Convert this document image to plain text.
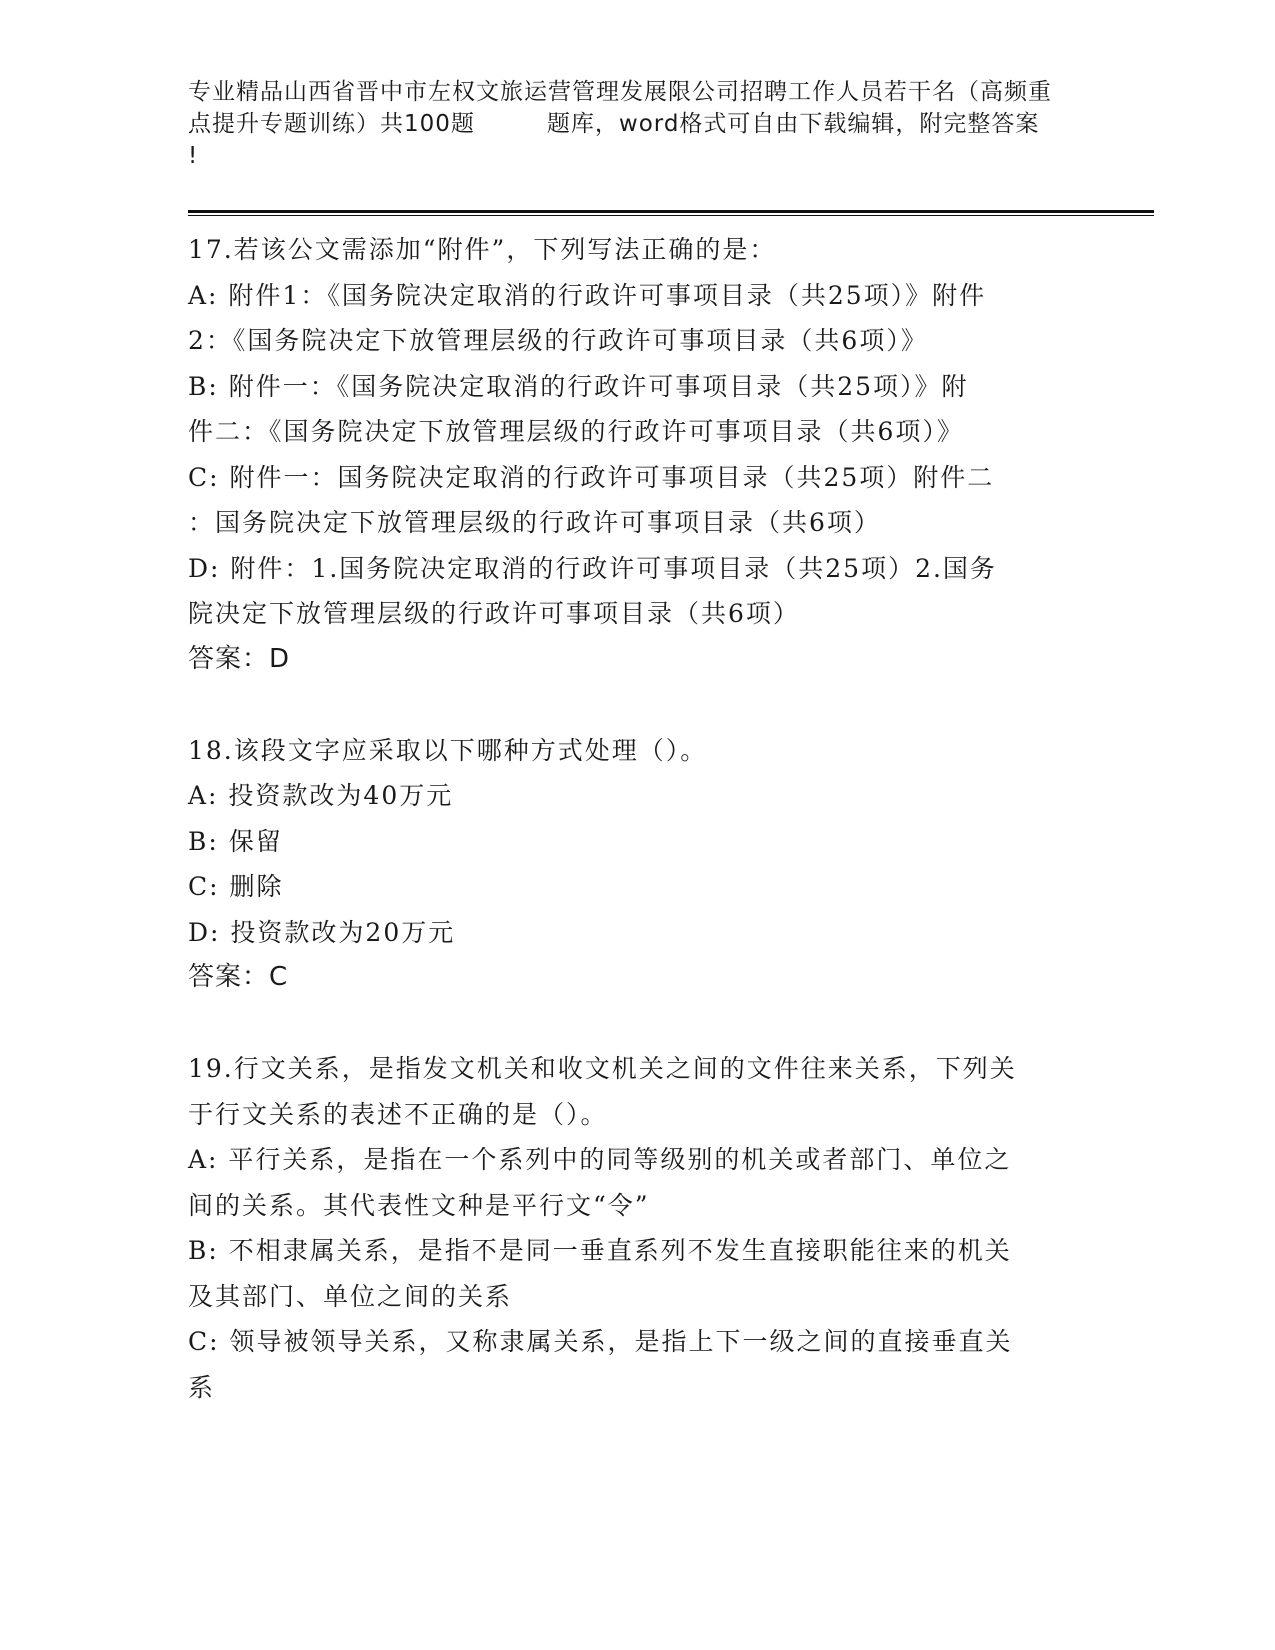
专业精品山西省晋中市左权文旅运营管理发展限公司招聘工作人员若干名（高频重
点提升专题训练）共100题　　　题库，word格式可自由下载编辑，附完整答案
!
17.若该公文需添加“附件”，下列写法正确的是：
A: 附件1：《国务院决定取消的行政许可事项目录（共25项）》附件
2：《国务院决定下放管理层级的行政许可事项目录（共6项）》
B: 附件一：《国务院决定取消的行政许可事项目录（共25项）》附
件二：《国务院决定下放管理层级的行政许可事项目录（共6项）》
C: 附件一：国务院决定取消的行政许可事项目录（共25项）附件二
：国务院决定下放管理层级的行政许可事项目录（共6项）
D: 附件：1.国务院决定取消的行政许可事项目录（共25项）2.国务
院决定下放管理层级的行政许可事项目录（共6项）
答案：D
18.该段文字应采取以下哪种方式处理（）。
A: 投资款改为40万元
B: 保留
C: 删除
D: 投资款改为20万元
答案：C
19.行文关系，是指发文机关和收文机关之间的文件往来关系，下列关
于行文关系的表述不正确的是（）。
A: 平行关系，是指在一个系列中的同等级别的机关或者部门、单位之
间的关系。其代表性文种是平行文“令”
B: 不相隶属关系，是指不是同一垂直系列不发生直接职能往来的机关
及其部门、单位之间的关系
C: 领导被领导关系，又称隶属关系，是指上下一级之间的直接垂直关
系
